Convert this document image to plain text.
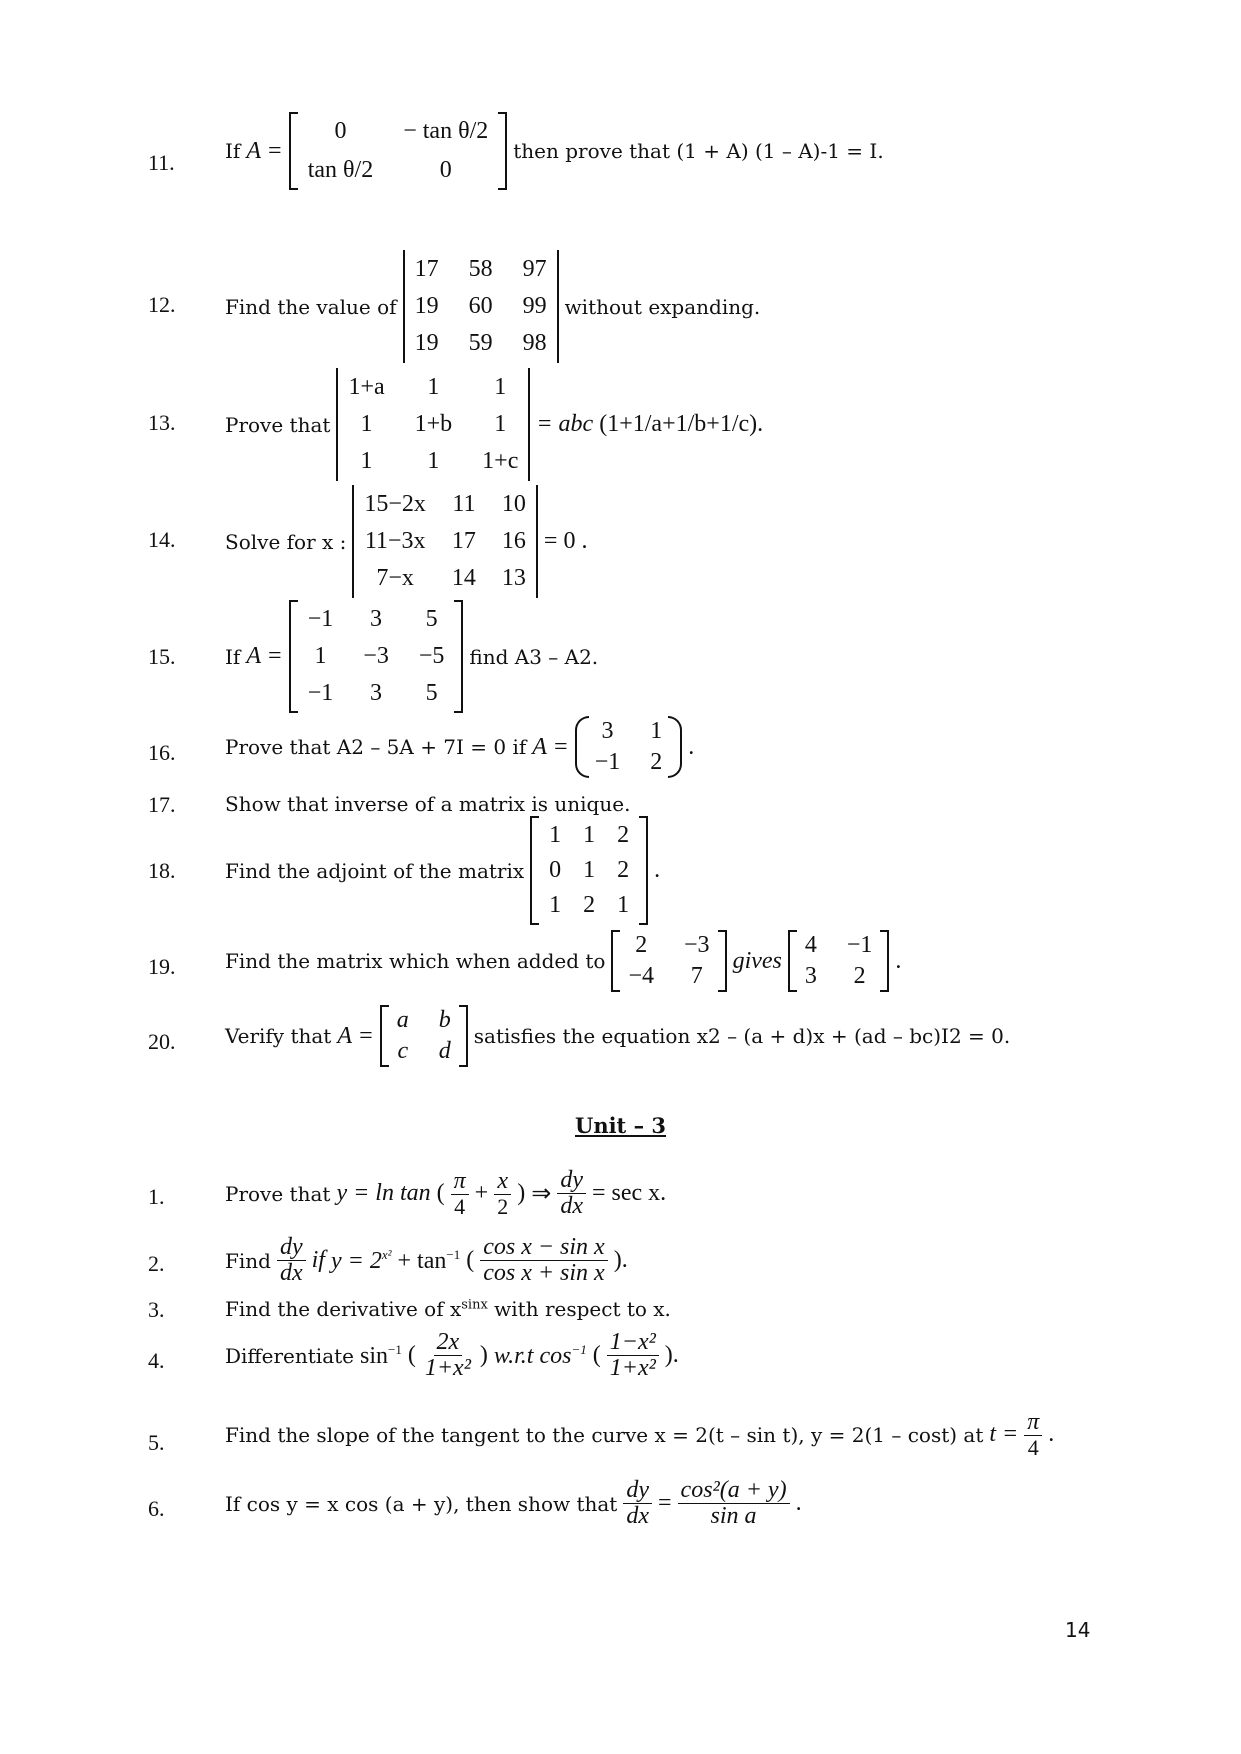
11.	If A =
0	− tan θ/2
tan θ/2	0
then prove that (1 + A) (1 – A)-1 = I.
12. Find the value of
17 58 97
19 60 99
19 59 98
without expanding.
13. Prove that
1+a	1	1
1	1+b	1
1	1	1+c
= abc (1+1/a+1/b+1/c).
14. Solve for x :
15−2x 11 10
11−3x 17 16
7−x	14 13
= 0 .
15. If A =
−1 3 5
1 −3 −5
−1 3 5
find A3 – A2.
16. Prove that A2 – 5A + 7I = 0 if A =
3 1
−1 2
.
17. Show that inverse of a matrix is unique.
18. Find the adjoint of the matrix
1 1 2
0 1 2
1 2 1
.
19. Find the matrix which when added to
2 −3
−4 7
gives
4 −1
3 2
.
20. Verify that A =
a b
c d
satisfies the equation x2 – (a + d)x + (ad – bc)I2 = 0.
Unit – 3
1.	Prove that y = ln tan ( $\frac{\pi}{4} + \frac{x}{2}$ ) ⇒ $\frac{dy}{dx} = \sec x$.
2.	Find $\frac{dy}{dx}$ if $y = 2^{x^2} + \tan^{-1}$ ( $\frac{\text{cos x − sin x}}{\text{cos x + sin x}}$ ).
3.	Find the derivative of $x^{sinx}$ with respect to x.
4.	Differentiate $\sin^{-1}$ ( $\frac{2x}{\text{1+x²}}$ ) w.r.t $\cos^{-1}$ ( $\frac{\text{1−x²}}{\text{1+x²}}$ ).
5.	Find the slope of the tangent to the curve x = 2(t – sin t), y = 2(1 – cost) at $t = \frac{\pi}{4}$ .
6.	If cos y = x cos (a + y), then show that $\frac{dy}{dx} = \frac{\text{cos²(a + y)}}{\text{sin a}}$ .
14
